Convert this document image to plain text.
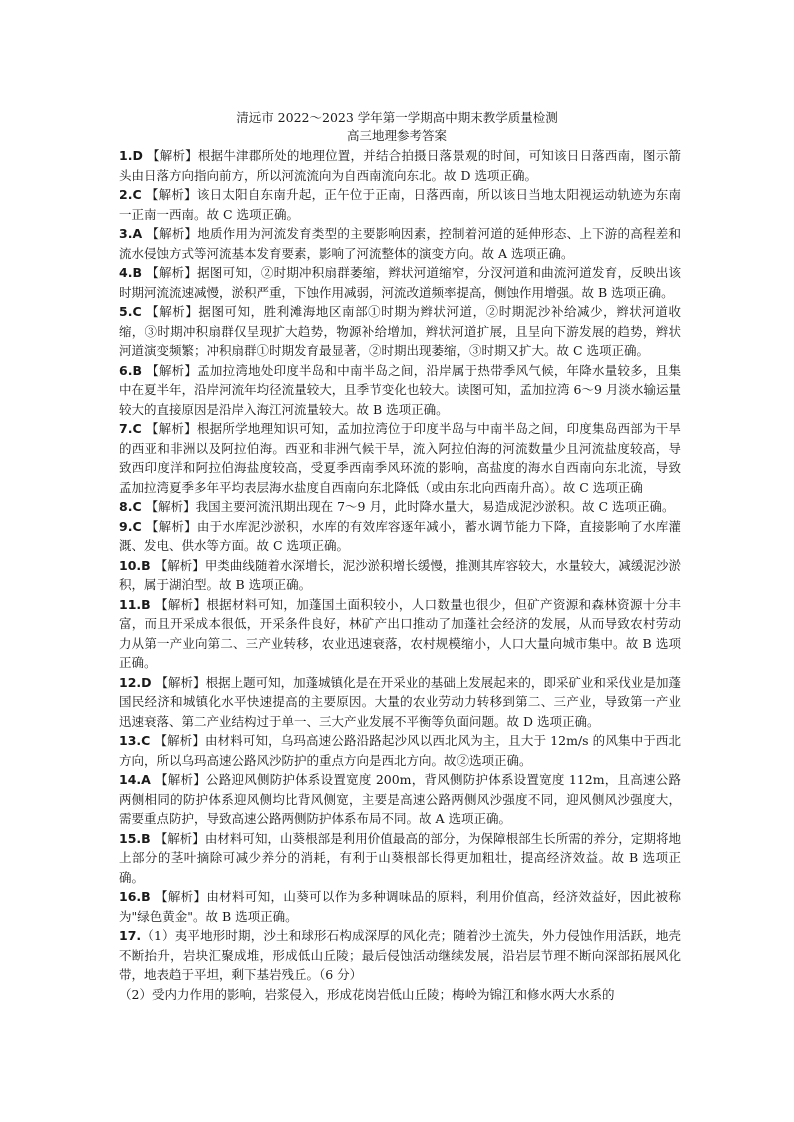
清远市 2022～2023 学年第一学期高中期末教学质量检测
高三地理参考答案

1.D 【解析】根据牛津郡所处的地理位置，并结合拍摄日落景观的时间，可知该日日落西南，图示箭头由日落方向指向前方，所以河流流向为自西南流向东北。故 D 选项正确。

2.C 【解析】该日太阳自东南升起，正午位于正南，日落西南，所以该日当地太阳视运动轨迹为东南一正南一西南。故 C 选项正确。

3.A 【解析】地质作用为河流发育类型的主要影响因素，控制着河道的延伸形态、上下游的高程差和流水侵蚀方式等河流基本发育要素，影响了河流整体的演变方向。故 A 选项正确。

4.B 【解析】据图可知，②时期冲积扇群萎缩，辫状河道缩窄，分汊河道和曲流河道发育，反映出该时期河流流速减慢，淤积严重，下蚀作用减弱，河流改道频率提高，侧蚀作用增强。故 B 选项正确。

5.C 【解析】据图可知，胜利滩海地区南部①时期为辫状河道，②时期泥沙补给减少，辫状河道收缩，③时期冲积扇群仅呈现扩大趋势，物源补给增加，辫状河道扩展，且呈向下游发展的趋势，辫状河道演变频繁；冲积扇群①时期发育最显著，②时期出现萎缩，③时期又扩大。故 C 选项正确。

6.B 【解析】孟加拉湾地处印度半岛和中南半岛之间，沿岸属于热带季风气候，年降水量较多，且集中在夏半年，沿岸河流年均径流量较大，且季节变化也较大。读图可知，孟加拉湾 6～9 月淡水输运量较大的直接原因是沿岸入海江河流量较大。故 B 选项正确。

7.C 【解析】根据所学地理知识可知，孟加拉湾位于印度半岛与中南半岛之间，印度集岛西部为干旱的西亚和非洲以及阿拉伯海。西亚和非洲气候干旱，流入阿拉伯海的河流数量少且河流盐度较高，导致西印度洋和阿拉伯海盐度较高，受夏季西南季风环流的影响，高盐度的海水自西南向东北流，导致孟加拉湾夏季多年平均表层海水盐度自西南向东北降低（或由东北向西南升高）。故 C 选项正确

8.C 【解析】我国主要河流汛期出现在 7～9 月，此时降水量大，易造成泥沙淤积。故 C 选项正确。

9.C 【解析】由于水库泥沙淤积，水库的有效库容逐年减小，蓄水调节能力下降，直接影响了水库灌溉、发电、供水等方面。故 C 选项正确。

10.B 【解析】甲类曲线随着水深增长，泥沙淤积增长缓慢，推测其库容较大，水量较大，减缓泥沙淤积，属于湖泊型。故 B 选项正确。

11.B 【解析】根据材料可知，加蓬国土面积较小，人口数量也很少，但矿产资源和森林资源十分丰富，而且开采成本很低，开采条件良好，林矿产出口推动了加蓬社会经济的发展，从而导致农村劳动力从第一产业向第二、三产业转移，农业迅速衰落，农村规模缩小，人口大量向城市集中。故 B 选项正确。

12.D 【解析】根据上题可知，加蓬城镇化是在开采业的基础上发展起来的，即采矿业和采伐业是加蓬国民经济和城镇化水平快速提高的主要原因。大量的农业劳动力转移到第二、三产业，导致第一产业迅速衰落、第二产业结构过于单一、三大产业发展不平衡等负面问题。故 D 选项正确。

13.C 【解析】由材料可知，乌玛高速公路沿路起沙风以西北风为主，且大于 12m/s 的风集中于西北方向，所以乌玛高速公路风沙防护的重点方向是西北方向。故②选项正确。

14.A 【解析】公路迎风侧防护体系设置宽度 200m，背风侧防护体系设置宽度 112m，且高速公路两侧相同的防护体系迎风侧均比背风侧宽，主要是高速公路两侧风沙强度不同，迎风侧风沙强度大，需要重点防护，导致高速公路两侧防护体系布局不同。故 A 选项正确。

15.B 【解析】由材料可知，山葵根部是利用价值最高的部分，为保障根部生长所需的养分，定期将地上部分的茎叶摘除可减少养分的消耗，有利于山葵根部长得更加粗壮，提高经济效益。故 B 选项正确。

16.B 【解析】由材料可知，山葵可以作为多种调味品的原料，利用价值高，经济效益好，因此被称为"绿色黄金"。故 B 选项正确。

17.（1）夷平地形时期，沙土和球形石构成深厚的风化壳；随着沙土流失，外力侵蚀作用活跃，地壳不断抬升，岩块汇聚成堆，形成低山丘陵；最后侵蚀活动继续发展，沿岩层节理不断向深部拓展风化带，地表趋于平坦，剩下基岩残丘。（6 分）

（2）受内力作用的影响，岩浆侵入，形成花岗岩低山丘陵；梅岭为锦江和修水两大水系的
